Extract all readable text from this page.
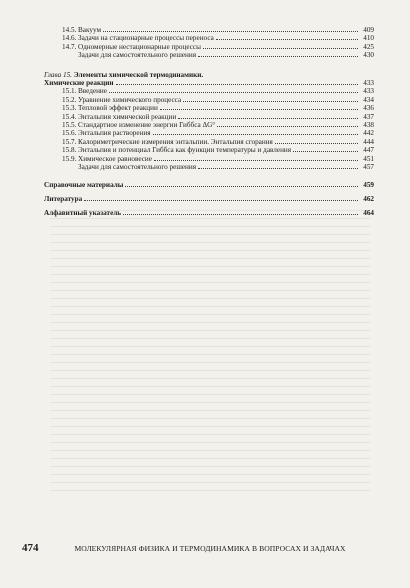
14.5. Вакуум	409
14.6. Задачи на стационарные процессы переноса	410
14.7. Одномерные нестационарные процессы	425
Задачи для самостоятельного решения	430
Глава 15.
Элементы химической термодинамики.
Химические реакции	433
15.1. Введение	433
15.2. Уравнение химического процесса	434
15.3. Тепловой эффект реакции	436
15.4. Энтальпия химической реакции	437
15.5. Стандартное изменение энергии Гиббса ΔG°	438
15.6. Энтальпия растворения	442
15.7. Калориметрические измерения энтальпии. Энтальпия сгорания	444
15.8. Энтальпия и потенциал Гиббса как функции температуры и давления	447
15.9. Химическое равновесие	451
Задачи для самостоятельного решения	457
Справочные материалы	459
Литература	462
Алфавитный указатель	464
474	МОЛЕКУЛЯРНАЯ ФИЗИКА И ТЕРМОДИНАМИКА В ВОПРОСАХ И ЗАДАЧАХ
